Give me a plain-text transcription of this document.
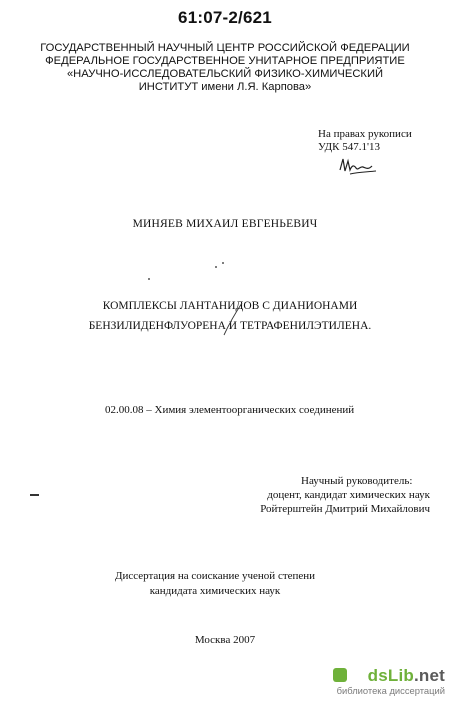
61:07-2/621
ГОСУДАРСТВЕННЫЙ НАУЧНЫЙ ЦЕНТР РОССИЙСКОЙ ФЕДЕРАЦИИ
ФЕДЕРАЛЬНОЕ ГОСУДАРСТВЕННОЕ УНИТАРНОЕ ПРЕДПРИЯТИЕ
«НАУЧНО-ИССЛЕДОВАТЕЛЬСКИЙ ФИЗИКО-ХИМИЧЕСКИЙ
ИНСТИТУТ имени Л.Я. Карпова»
На правах рукописи
УДК 547.1'13
МИНЯЕВ МИХАИЛ ЕВГЕНЬЕВИЧ
КОМПЛЕКСЫ ЛАНТАНИДОВ С ДИАНИОНАМИ
БЕНЗИЛИДЕНФЛУОРЕНА И ТЕТРАФЕНИЛЭТИЛЕНА.
02.00.08 – Химия элементоорганических соединений
Научный руководитель:
доцент, кандидат химических наук
Ройтерштейн Дмитрий Михайлович
Диссертация на соискание ученой степени
кандидата химических наук
Москва 2007
dsLib.net
библиотека диссертаций
